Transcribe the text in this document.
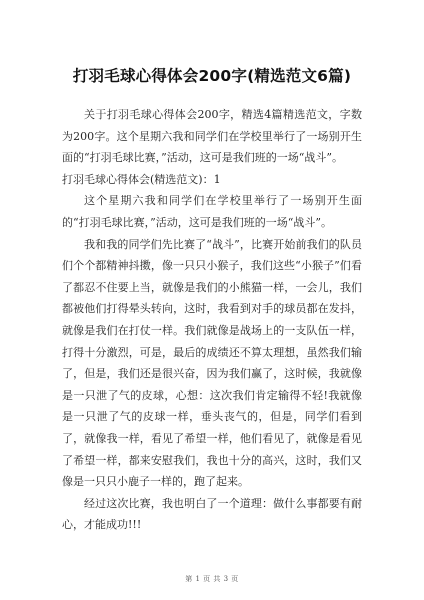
打羽毛球心得体会200字(精选范文6篇)

关于打羽毛球心得体会200字，精选4篇精选范文，字数为200字。这个星期六我和同学们在学校里举行了一场别开生面的“打羽毛球比赛，”活动，这可是我们班的一场“战斗”。

打羽毛球心得体会(精选范文)：1

这个星期六我和同学们在学校里举行了一场别开生面的“打羽毛球比赛，”活动，这可是我们班的一场“战斗”。

我和我的同学们先比赛了“战斗”，比赛开始前我们的队员们个个都精神抖擞，像一只只小猴子，我们这些“小猴子”们看了都忍不住要上当，就像是我们的小熊猫一样，一会儿，我们都被他们打得晕头转向，这时，我看到对手的球员都在发抖，就像是我们在打仗一样。我们就像是战场上的一支队伍一样，打得十分激烈，可是，最后的成绩还不算太理想，虽然我们输了，但是，我们还是很兴奋，因为我们赢了，这时候，我就像是一只泄了气的皮球，心想：这次我们肯定输得不轻!我就像是一只泄了气的皮球一样，垂头丧气的，但是，同学们看到了，就像我一样，看见了希望一样，他们看见了，就像是看见了希望一样，都来安慰我们，我也十分的高兴，这时，我们又像是一只只小鹿子一样的，跑了起来。

经过这次比赛，我也明白了一个道理：做什么事都要有耐心，才能成功!!!

第 1 页 共 3 页
